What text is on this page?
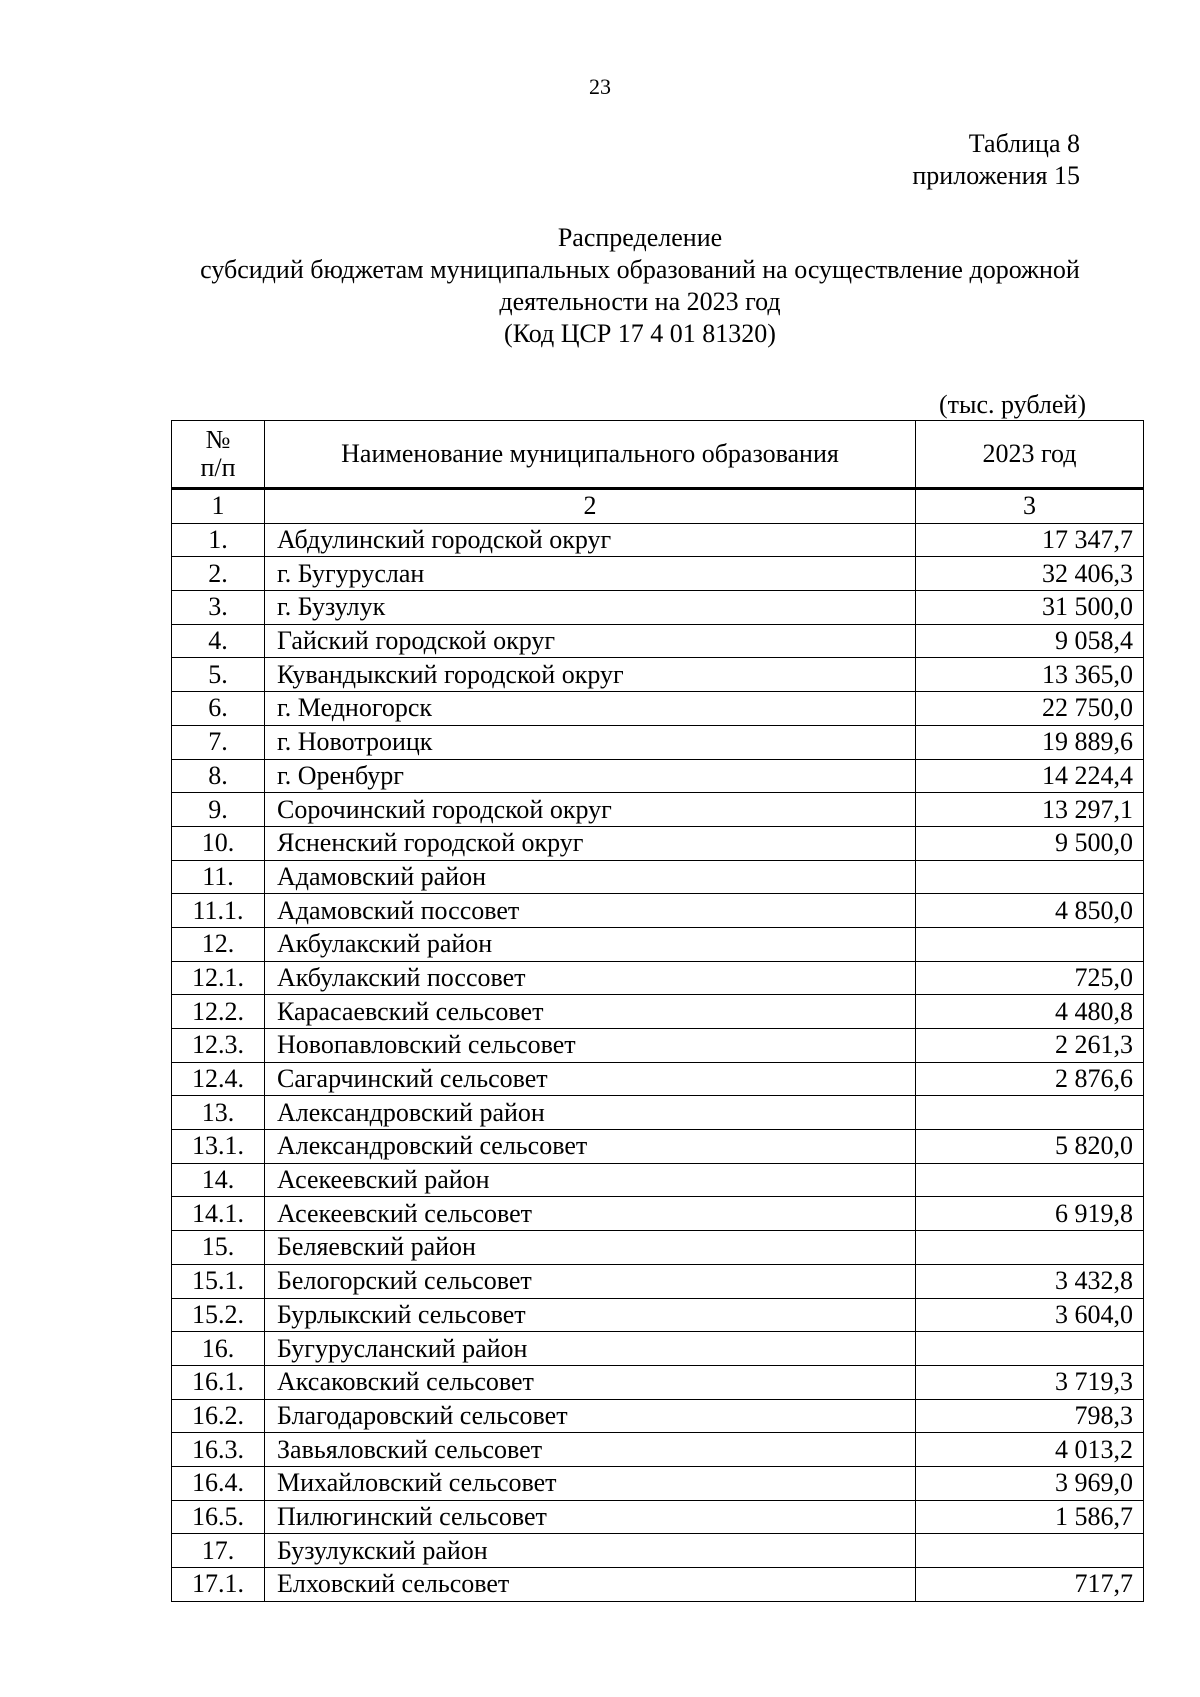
23
Таблица 8
приложения 15
Распределение
субсидий бюджетам муниципальных образований на осуществление дорожной
деятельности на 2023 год
(Код ЦСР 17 4 01 81320)
(тыс. рублей)
№
п/п	Наименование муниципального образования	2023 год
1	2	3
1.	Абдулинский городской округ	17 347,7
2.	г. Бугуруслан	32 406,3
3.	г. Бузулук	31 500,0
4.	Гайский городской округ	9 058,4
5.	Кувандыкский городской округ	13 365,0
6.	г. Медногорск	22 750,0
7.	г. Новотроицк	19 889,6
8.	г. Оренбург	14 224,4
9.	Сорочинский городской округ	13 297,1
10.	Ясненский городской округ	9 500,0
11.	Адамовский район	
11.1.	Адамовский поссовет	4 850,0
12.	Акбулакский район	
12.1.	Акбулакский поссовет	725,0
12.2.	Карасаевский сельсовет	4 480,8
12.3.	Новопавловский сельсовет	2 261,3
12.4.	Сагарчинский сельсовет	2 876,6
13.	Александровский район	
13.1.	Александровский сельсовет	5 820,0
14.	Асекеевский район	
14.1.	Асекеевский сельсовет	6 919,8
15.	Беляевский район	
15.1.	Белогорский сельсовет	3 432,8
15.2.	Бурлыкский сельсовет	3 604,0
16.	Бугурусланский район	
16.1.	Аксаковский сельсовет	3 719,3
16.2.	Благодаровский сельсовет	798,3
16.3.	Завьяловский сельсовет	4 013,2
16.4.	Михайловский сельсовет	3 969,0
16.5.	Пилюгинский сельсовет	1 586,7
17.	Бузулукский район	
17.1.	Елховский сельсовет	717,7
